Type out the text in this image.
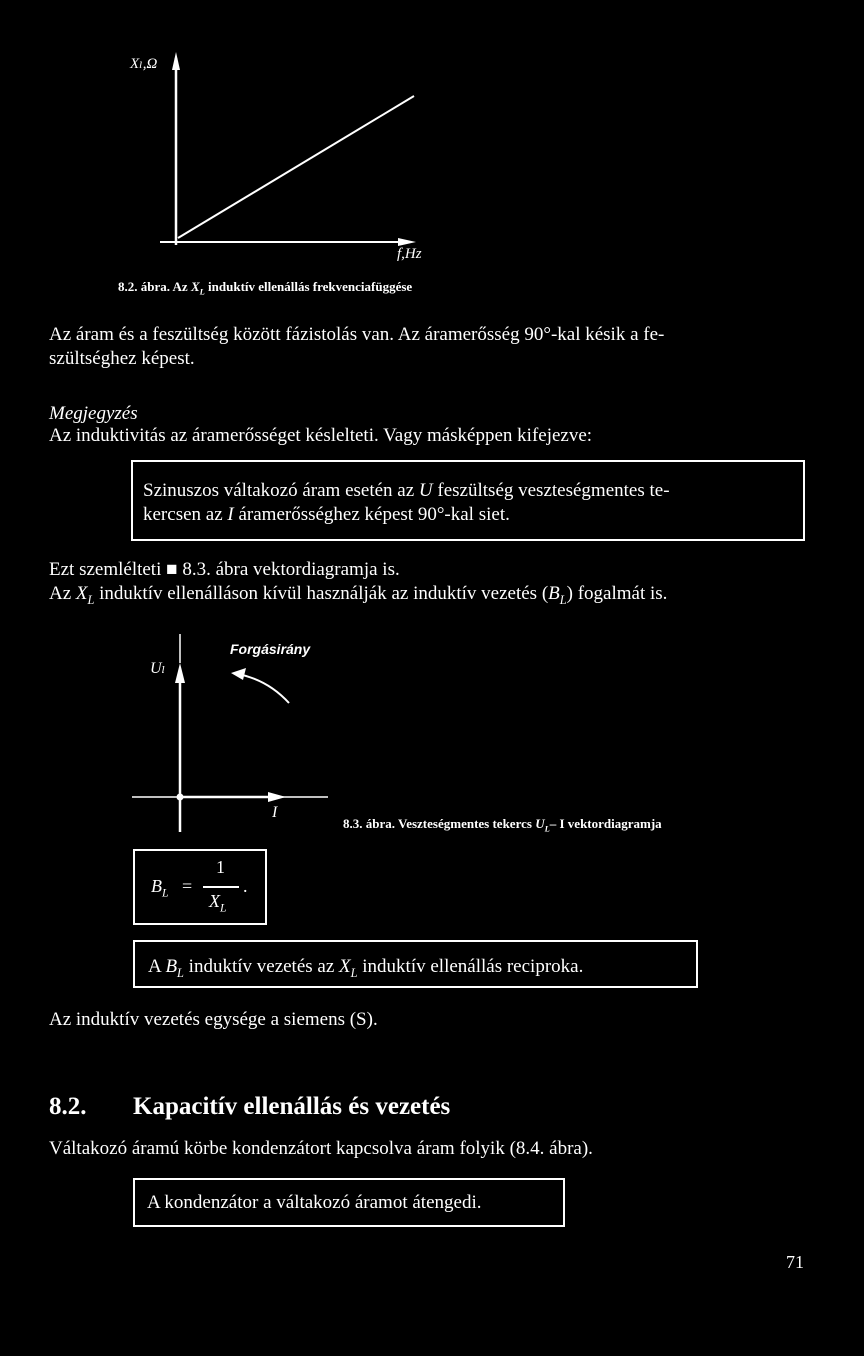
Xₗ,Ω
f,Hz
8.2. ábra. Az $X_L$ induktív ellenállás frekvenciafüggése
Az áram és a feszültség között fázistolás van. Az áramerősség 90°-kal késik a fe-
szültséghez képest.
Megjegyzés
Az induktivitás az áramerősséget késlelteti. Vagy másképpen kifejezve:
Szinuszos váltakozó áram esetén az U feszültség veszteségmentes te-
kercsen az I áramerősséghez képest 90°-kal siet.
Ezt szemlélteti ■ 8.3. ábra vektordiagramja is.
Az $X_L$ induktív ellenálláson kívül használják az induktív vezetés $(B_L)$ fogalmát is.
Uₗ
Forgásirány
I
8.3. ábra. Veszteségmentes tekercs $U_L-$ I vektordiagramja
$B_L$ =
1
$X_L$
.
A $B_L$ induktív vezetés az $X_L$ induktív ellenállás reciproka.
Az induktív vezetés egysége a siemens (S).
8.2. Kapacitív ellenállás és vezetés
Váltakozó áramú körbe kondenzátort kapcsolva áram folyik (8.4. ábra).
A kondenzátor a váltakozó áramot átengedi.
71
